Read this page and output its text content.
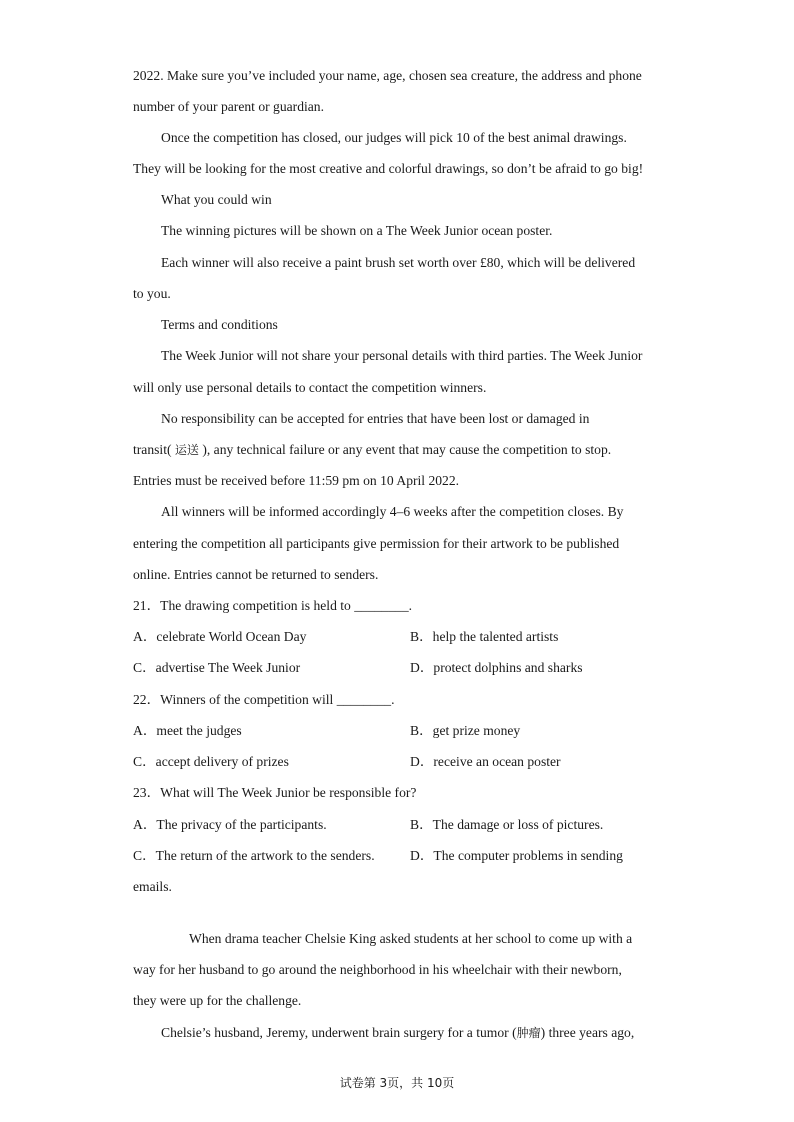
2022. Make sure you’ve included your name, age, chosen sea creature, the address and phone
number of your parent or guardian.
Once the competition has closed, our judges will pick 10 of the best animal drawings.
They will be looking for the most creative and colorful drawings, so don’t be afraid to go big!
What you could win
The winning pictures will be shown on a The Week Junior ocean poster.
Each winner will also receive a paint brush set worth over £80, which will be delivered
to you.
Terms and conditions
The Week Junior will not share your personal details with third parties. The Week Junior
will only use personal details to contact the competition winners.
No responsibility can be accepted for entries that have been lost or damaged in
transit( 运送 ), any technical failure or any event that may cause the competition to stop.
Entries must be received before 11:59 pm on 10 April 2022.
All winners will be informed accordingly 4–6 weeks after the competition closes. By
entering the competition all participants give permission for their artwork to be published
online. Entries cannot be returned to senders.
21．The drawing competition is held to ________.
A．celebrate World Ocean Day	B．help the talented artists
C．advertise The Week Junior	D．protect dolphins and sharks
22．Winners of the competition will ________.
A．meet the judges	B．get prize money
C．accept delivery of prizes	D．receive an ocean poster
23．What will The Week Junior be responsible for?
A．The privacy of the participants.	B．The damage or loss of pictures.
C．The return of the artwork to the senders.	D．The computer problems in sending
emails.
When drama teacher Chelsie King asked students at her school to come up with a
way for her husband to go around the neighborhood in his wheelchair with their newborn,
they were up for the challenge.
Chelsie’s husband, Jeremy, underwent brain surgery for a tumor (肿瘤) three years ago,
试卷第 3页，共 10页
